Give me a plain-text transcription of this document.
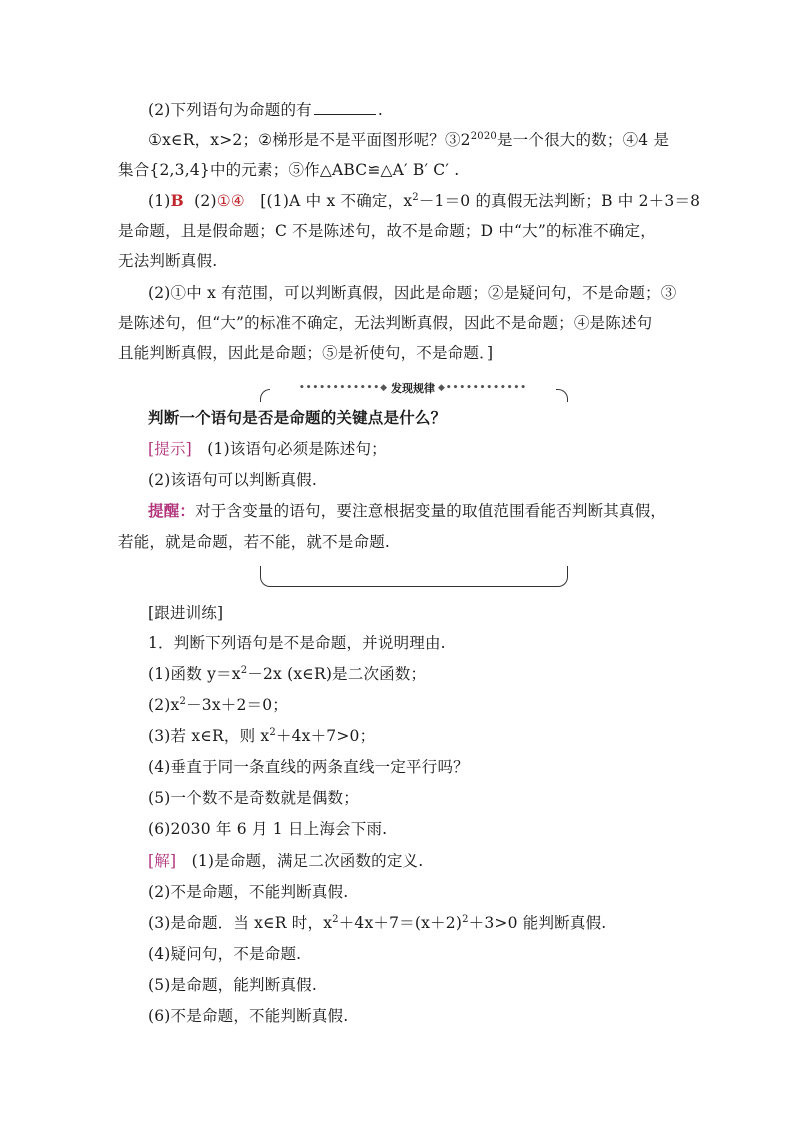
(2)下列语句为命题的有	.
①x∈R，x>2；②梯形是不是平面图形呢？$③2^{2020}$是一个很大的数；④4 是
集合{2,3,4}中的元素；⑤作△ABC≌△A′ B′ C′ .
(1)B (2)①④ [(1)A 中 x 不确定，$x^2-1=0$ 的真假无法判断；B 中 2＋3＝8
是命题，且是假命题；C 不是陈述句，故不是命题；D 中“大”的标准不确定，
无法判断真假.
(2)①中 x 有范围，可以判断真假，因此是命题；②是疑问句，不是命题；③
是陈述句，但“大”的标准不确定，无法判断真假，因此不是命题；④是陈述句
且能判断真假，因此是命题；⑤是祈使句，不是命题．]
••••••••••••◆ 发现规律 ◆••••••••••••
判断一个语句是否是命题的关键点是什么？
[提示] (1)该语句必须是陈述句；
(2)该语句可以判断真假.
提醒：对于含变量的语句，要注意根据变量的取值范围看能否判断其真假，
若能，就是命题，若不能，就不是命题.
[跟进训练]
1．判断下列语句是不是命题，并说明理由.
(1)函数 $y=x^2-2x$ (x∈R)是二次函数；
$(2)x^2-3x+2=0$；
(3)若 x∈R，则 $x^2+4x+7>0$；
(4)垂直于同一条直线的两条直线一定平行吗？
(5)一个数不是奇数就是偶数；
(6)2030 年 6 月 1 日上海会下雨.
[解] (1)是命题，满足二次函数的定义.
(2)不是命题，不能判断真假.
(3)是命题．当 x∈R 时，$x^2+4x+7=(x+2)^2+3>0$ 能判断真假.
(4)疑问句，不是命题.
(5)是命题，能判断真假.
(6)不是命题，不能判断真假.
